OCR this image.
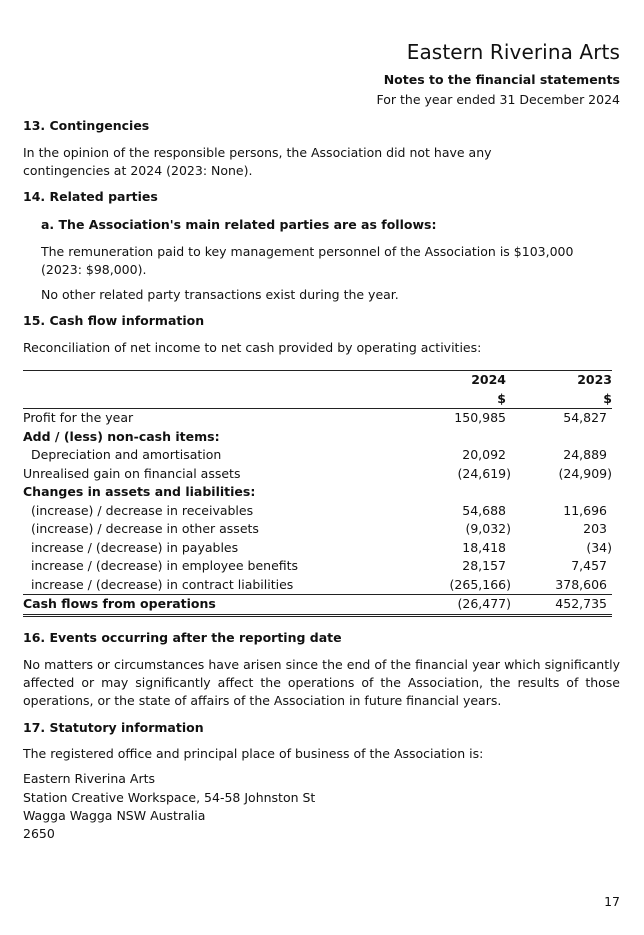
Eastern Riverina Arts
Notes to the financial statements
For the year ended 31 December 2024
13. Contingencies
In the opinion of the responsible persons, the Association did not have any contingencies at 2024 (2023: None).
14. Related parties
a. The Association's main related parties are as follows:
The remuneration paid to key management personnel of the Association is $103,000 (2023: $98,000).
No other related party transactions exist during the year.
15. Cash flow information
Reconciliation of net income to net cash provided by operating activities:
	2024	2023
	$	$
Profit for the year	150,985	54,827
Add / (less) non-cash items:		
Depreciation and amortisation	20,092	24,889
Unrealised gain on financial assets	(24,619)	(24,909)
Changes in assets and liabilities:		
(increase) / decrease in receivables	54,688	11,696
(increase) / decrease in other assets	(9,032)	203
increase / (decrease) in payables	18,418	(34)
increase / (decrease) in employee benefits	28,157	7,457
increase / (decrease) in contract liabilities	(265,166)	378,606
Cash flows from operations	(26,477)	452,735
16. Events occurring after the reporting date
No matters or circumstances have arisen since the end of the financial year which significantly affected or may significantly affect the operations of the Association, the results of those operations, or the state of affairs of the Association in future financial years.
17. Statutory information
The registered office and principal place of business of the Association is:
Eastern Riverina Arts
Station Creative Workspace, 54-58 Johnston St
Wagga Wagga NSW Australia
2650
17
